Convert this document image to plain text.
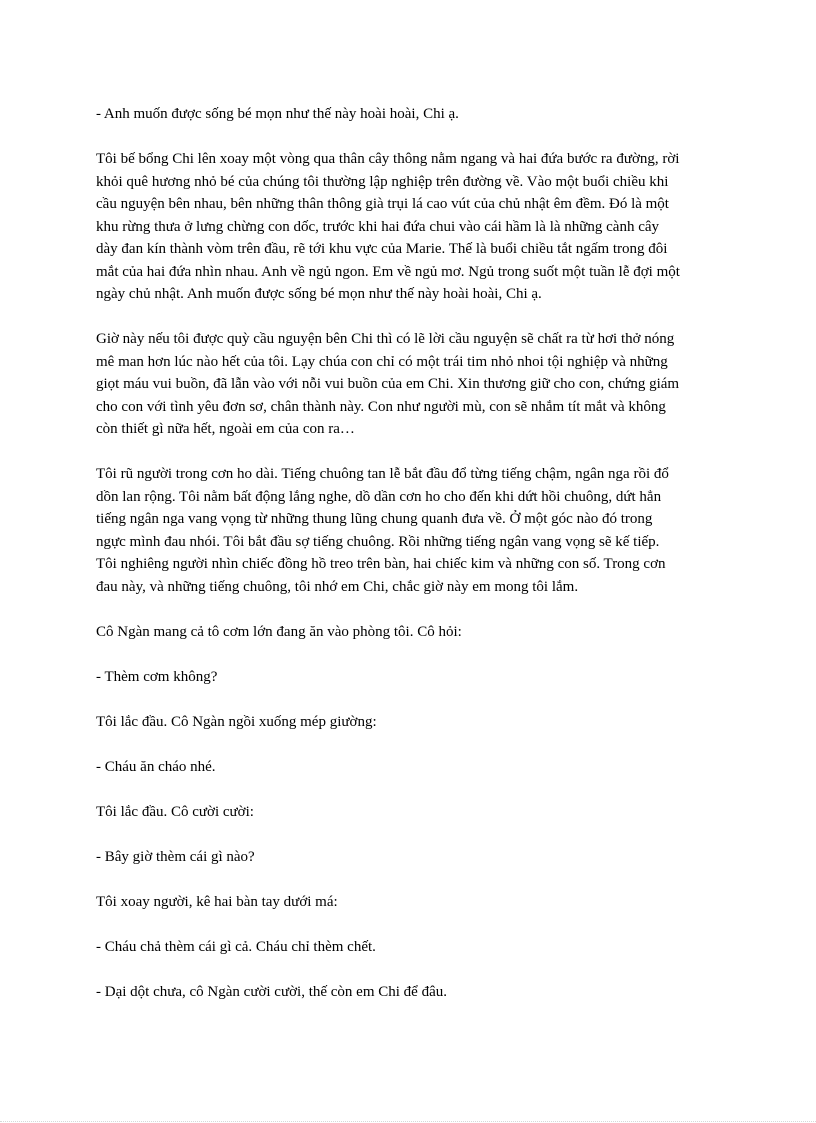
- Anh muốn được sống bé mọn như thế này hoài hoài, Chi ạ.
Tôi bế bổng Chi lên xoay một vòng qua thân cây thông nằm ngang và hai đứa bước ra đường, rời
khỏi quê hương nhỏ bé của chúng tôi thường lập nghiệp trên đường về. Vào một buổi chiều khi
cầu nguyện bên nhau, bên những thân thông già trụi lá cao vút của chủ nhật êm đềm. Đó là một
khu rừng thưa ở lưng chừng con dốc, trước khi hai đứa chui vào cái hầm là là những cành cây
dày đan kín thành vòm trên đầu, rẽ tới khu vực của Marie. Thế là buổi chiều tắt ngấm trong đôi
mắt của hai đứa nhìn nhau. Anh về ngủ ngon. Em về ngủ mơ. Ngủ trong suốt một tuần lễ đợi một
ngày chủ nhật. Anh muốn được sống bé mọn như thế này hoài hoài, Chi ạ.
Giờ này nếu tôi được quỳ cầu nguyện bên Chi thì có lẽ lời cầu nguyện sẽ chất ra từ hơi thở nóng
mê man hơn lúc nào hết của tôi. Lạy chúa con chỉ có một trái tim nhỏ nhoi tội nghiệp và những
giọt máu vui buồn, đã lẫn vào với nỗi vui buồn của em Chi. Xin thương giữ cho con, chứng giám
cho con với tình yêu đơn sơ, chân thành này. Con như người mù, con sẽ nhắm tít mắt và không
còn thiết gì nữa hết, ngoài em của con ra…
Tôi rũ người trong cơn ho dài. Tiếng chuông tan lễ bắt đầu đổ từng tiếng chậm, ngân nga rồi đổ
dồn lan rộng. Tôi nằm bất động lắng nghe, dồ dần cơn ho cho đến khi dứt hồi chuông, dứt hẳn
tiếng ngân nga vang vọng từ những thung lũng chung quanh đưa về. Ở một góc nào đó trong
ngực mình đau nhói. Tôi bắt đầu sợ tiếng chuông. Rồi những tiếng ngân vang vọng sẽ kế tiếp.
Tôi nghiêng người nhìn chiếc đồng hồ treo trên bàn, hai chiếc kim và những con số. Trong cơn
đau này, và những tiếng chuông, tôi nhớ em Chi, chắc giờ này em mong tôi lắm.
Cô Ngàn mang cả tô cơm lớn đang ăn vào phòng tôi. Cô hỏi:
- Thèm cơm không?
Tôi lắc đầu. Cô Ngàn ngồi xuống mép giường:
- Cháu ăn cháo nhé.
Tôi lắc đầu. Cô cười cười:
- Bây giờ thèm cái gì nào?
Tôi xoay người, kê hai bàn tay dưới má:
- Cháu chả thèm cái gì cả. Cháu chỉ thèm chết.
- Dại dột chưa, cô Ngàn cười cười, thế còn em Chi để đâu.
